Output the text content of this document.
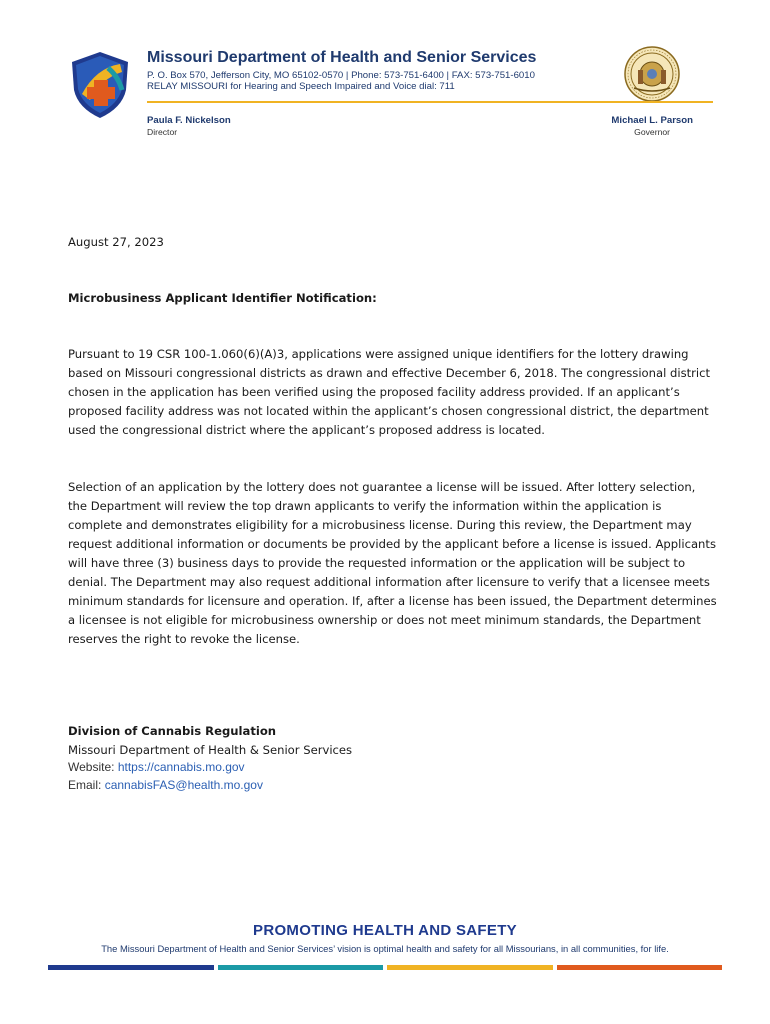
Missouri Department of Health and Senior Services
P. O. Box 570, Jefferson City, MO 65102-0570 | Phone: 573-751-6400 | FAX: 573-751-6010
RELAY MISSOURI for Hearing and Speech Impaired and Voice dial: 711
Paula F. Nickelson
Director
Michael L. Parson
Governor
August 27, 2023
Microbusiness Applicant Identifier Notification:

Pursuant to 19 CSR 100-1.060(6)(A)3, applications were assigned unique identifiers for the lottery drawing based on Missouri congressional districts as drawn and effective December 6, 2018. The congressional district chosen in the application has been verified using the proposed facility address provided. If an applicant’s proposed facility address was not located within the applicant’s chosen congressional district, the department used the congressional district where the applicant’s proposed address is located.

Selection of an application by the lottery does not guarantee a license will be issued. After lottery selection, the Department will review the top drawn applicants to verify the information within the application is complete and demonstrates eligibility for a microbusiness license. During this review, the Department may request additional information or documents be provided by the applicant before a license is issued. Applicants will have three (3) business days to provide the requested information or the application will be subject to denial. The Department may also request additional information after licensure to verify that a licensee meets minimum standards for licensure and operation. If, after a license has been issued, the Department determines a licensee is not eligible for microbusiness ownership or does not meet minimum standards, the Department reserves the right to revoke the license.

Division of Cannabis Regulation
Missouri Department of Health & Senior Services
Website: https://cannabis.mo.gov
Email: cannabisFAS@health.mo.gov
PROMOTING HEALTH AND SAFETY
The Missouri Department of Health and Senior Services’ vision is optimal health and safety for all Missourians, in all communities, for life.
